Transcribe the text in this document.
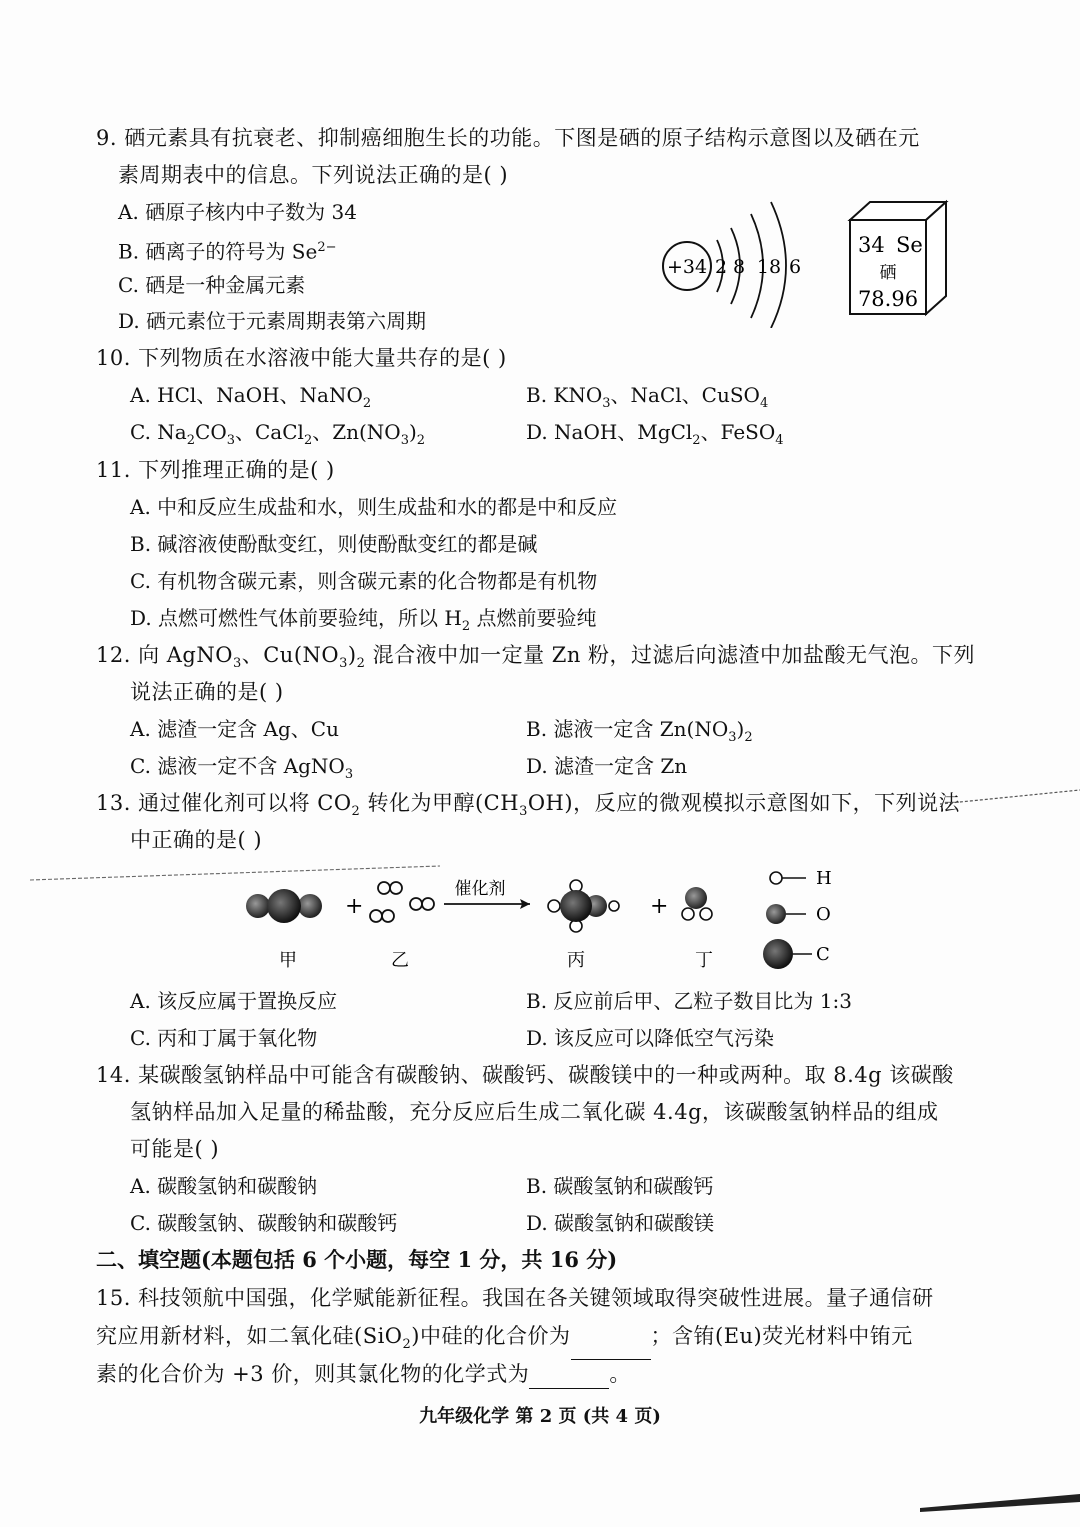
9. 硒元素具有抗衰老、抑制癌细胞生长的功能。下图是硒的原子结构示意图以及硒在元
素周期表中的信息。下列说法正确的是( )
A. 硒原子核内中子数为 34
B. 硒离子的符号为 $Se^{2-}$
C. 硒是一种金属元素
D. 硒元素位于元素周期表第六周期
+34 2 8 18 6
34 Se
硒
78.96
10. 下列物质在水溶液中能大量共存的是( )
A. HCl、NaOH、NaNO$_2$	B. $KNO_3$、NaCl、CuSO$_4$
C. $Na_2CO_3$、CaCl$_2$、$Zn(NO_3)_2$	D. NaOH、MgCl$_2$、FeSO$_4$
11. 下列推理正确的是( )
A. 中和反应生成盐和水，则生成盐和水的都是中和反应
B. 碱溶液使酚酞变红，则使酚酞变红的都是碱
C. 有机物含碳元素，则含碳元素的化合物都是有机物
D. 点燃可燃性气体前要验纯，所以 $H_2$ 点燃前要验纯
12. 向 AgNO$_3$、$Cu(NO_3)_2$ 混合液中加一定量 Zn 粉，过滤后向滤渣中加盐酸无气泡。下列
说法正确的是( )
A. 滤渣一定含 Ag、Cu	B. 滤液一定含 $Zn(NO_3)_2$
C. 滤液一定不含 AgNO$_3$	D. 滤渣一定含 Zn
13. 通过催化剂可以将 $CO_2$ 转化为甲醇$(CH_3OH)$，反应的微观模拟示意图如下，下列说法
中正确的是( )
+
催化剂
+
甲	乙	丙	丁
H
O
C
A. 该反应属于置换反应	B. 反应前后甲、乙粒子数目比为 1:3
C. 丙和丁属于氧化物	D. 该反应可以降低空气污染
14. 某碳酸氢钠样品中可能含有碳酸钠、碳酸钙、碳酸镁中的一种或两种。取 8.4g 该碳酸
氢钠样品加入足量的稀盐酸，充分反应后生成二氧化碳 4.4g，该碳酸氢钠样品的组成
可能是( )
A. 碳酸氢钠和碳酸钠	B. 碳酸氢钠和碳酸钙
C. 碳酸氢钠、碳酸钠和碳酸钙	D. 碳酸氢钠和碳酸镁
二、填空题(本题包括 6 个小题，每空 1 分，共 16 分)
15. 科技领航中国强，化学赋能新征程。我国在各关键领域取得突破性进展。量子通信研
究应用新材料，如二氧化硅(SiO$_2$)中硅的化合价为	；含铕(Eu)荧光材料中铕元
素的化合价为 +3 价，则其氯化物的化学式为	。
九年级化学 第 2 页 (共 4 页)
